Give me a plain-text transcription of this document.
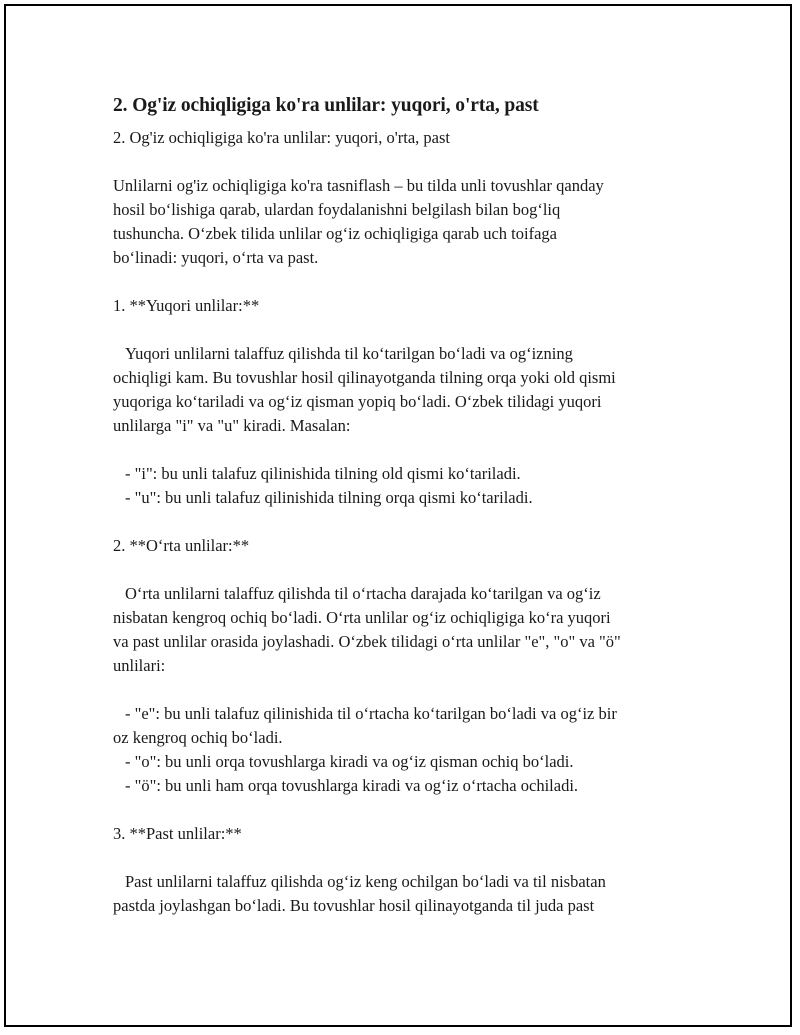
2. Og'iz ochiqligiga ko'ra unlilar: yuqori, o'rta, past

2. Og'iz ochiqligiga ko'ra unlilar: yuqori, o'rta, past

Unlilarni og'iz ochiqligiga ko'ra tasniflash – bu tilda unli tovushlar qanday

hosil boʻlishiga qarab, ulardan foydalanishni belgilash bilan bogʻliq

tushuncha. Oʻzbek tilida unlilar ogʻiz ochiqligiga qarab uch toifaga

boʻlinadi: yuqori, oʻrta va past.

1. **Yuqori unlilar:**

Yuqori unlilarni talaffuz qilishda til koʻtarilgan boʻladi va ogʻizning

ochiqligi kam. Bu tovushlar hosil qilinayotganda tilning orqa yoki old qismi

yuqoriga koʻtariladi va ogʻiz qisman yopiq boʻladi. Oʻzbek tilidagi yuqori

unlilarga "i" va "u" kiradi. Masalan:

- "i": bu unli talafuz qilinishida tilning old qismi koʻtariladi.

- "u": bu unli talafuz qilinishida tilning orqa qismi koʻtariladi.

2. **Oʻrta unlilar:**

Oʻrta unlilarni talaffuz qilishda til oʻrtacha darajada koʻtarilgan va ogʻiz

nisbatan kengroq ochiq boʻladi. Oʻrta unlilar ogʻiz ochiqligiga koʻra yuqori

va past unlilar orasida joylashadi. Oʻzbek tilidagi oʻrta unlilar "e", "o" va "ö"

unlilari:

- "e": bu unli talafuz qilinishida til oʻrtacha koʻtarilgan boʻladi va ogʻiz bir

oz kengroq ochiq boʻladi.

- "o": bu unli orqa tovushlarga kiradi va ogʻiz qisman ochiq boʻladi.

- "ö": bu unli ham orqa tovushlarga kiradi va ogʻiz oʻrtacha ochiladi.

3. **Past unlilar:**

Past unlilarni talaffuz qilishda ogʻiz keng ochilgan boʻladi va til nisbatan

pastda joylashgan boʻladi. Bu tovushlar hosil qilinayotganda til juda past
